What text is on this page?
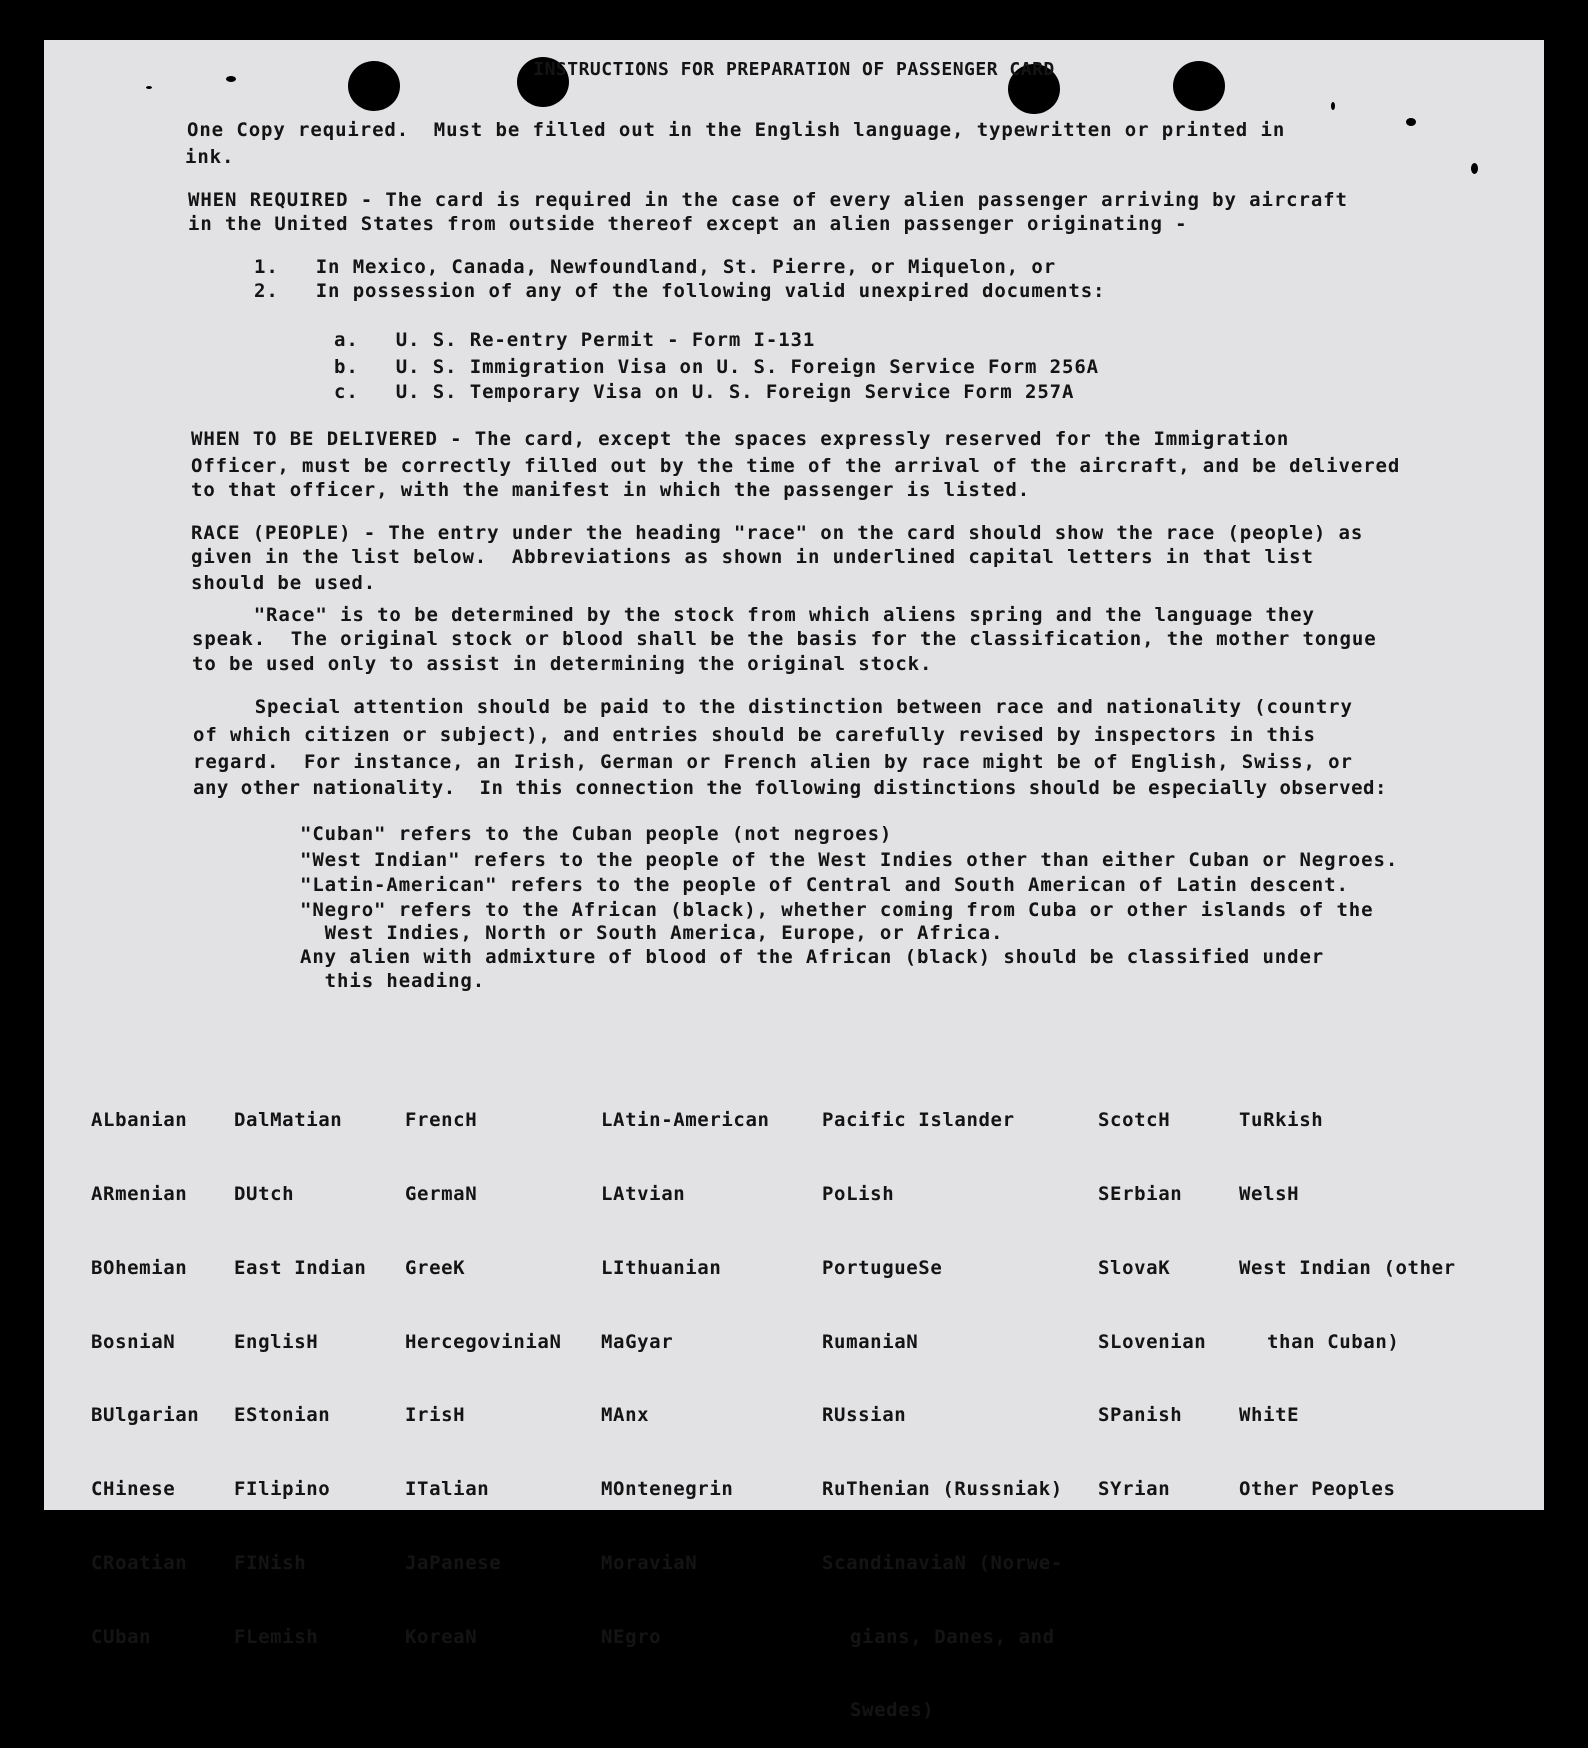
INSTRUCTIONS FOR PREPARATION OF PASSENGER CARD
One Copy required.  Must be filled out in the English language, typewritten or printed in
ink.
WHEN REQUIRED - The card is required in the case of every alien passenger arriving by aircraft
in the United States from outside thereof except an alien passenger originating -
1.   In Mexico, Canada, Newfoundland, St. Pierre, or Miquelon, or
2.   In possession of any of the following valid unexpired documents:
a.   U. S. Re-entry Permit - Form I-131
b.   U. S. Immigration Visa on U. S. Foreign Service Form 256A
c.   U. S. Temporary Visa on U. S. Foreign Service Form 257A
WHEN TO BE DELIVERED - The card, except the spaces expressly reserved for the Immigration
Officer, must be correctly filled out by the time of the arrival of the aircraft, and be delivered
to that officer, with the manifest in which the passenger is listed.
RACE (PEOPLE) - The entry under the heading "race" on the card should show the race (people) as
given in the list below.  Abbreviations as shown in underlined capital letters in that list
should be used.
"Race" is to be determined by the stock from which aliens spring and the language they
speak.  The original stock or blood shall be the basis for the classification, the mother tongue
to be used only to assist in determining the original stock.
Special attention should be paid to the distinction between race and nationality (country
of which citizen or subject), and entries should be carefully revised by inspectors in this
regard.  For instance, an Irish, German or French alien by race might be of English, Swiss, or
any other nationality.  In this connection the following distinctions should be especially observed:
"Cuban" refers to the Cuban people (not negroes)
"West Indian" refers to the people of the West Indies other than either Cuban or Negroes.
"Latin-American" refers to the people of Central and South American of Latin descent.
"Negro" refers to the African (black), whether coming from Cuba or other islands of the
West Indies, North or South America, Europe, or Africa.
Any alien with admixture of blood of the African (black) should be classified under
this heading.

ALbanian

ARmenian

BOhemian

BosniaN

BUlgarian

CHinese

CRoatian

CUban

DalMatian

DUtch

East Indian

EnglisH

EStonian

FIlipino

FINish

FLemish

FrencH

GermaN

GreeK

HercegoviniaN

IrisH

ITalian

JaPanese

KoreaN

LAtin-American

LAtvian

LIthuanian

MaGyar

MAnx

MOntenegrin

MoraviaN

NEgro

Pacific Islander

PoLish

PortugueSe

RumaniaN

RUssian

RuThenian (Russniak)

ScandinaviaN (Norwe-

gians, Danes, and

Swedes)

ScotcH

SErbian

SlovaK

SLovenian

SPanish

SYrian

TuRkish

WelsH

West Indian (other

than Cuban)

WhitE

Other Peoples
